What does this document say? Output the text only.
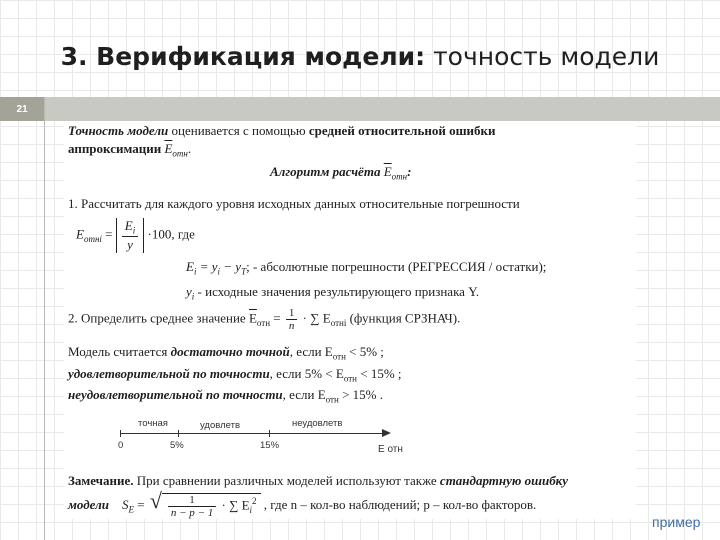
3. Верификация модели: точность модели
21
Точность модели оценивается с помощью средней относительной ошибки
аппроксимации $\overline{E}_{отн}$.
Алгоритм расчёта $\overline{E}_{отн}$:
1. Рассчитать для каждого уровня исходных данных относительные погрешности
$E_{отнi} = \frac{E_i}{y} \cdot 100$, где
$E_i = y_i - y_T$; - абсолютные погрешности (РЕГРЕССИЯ / остатки);
$y_i$ - исходные значения результирующего признака Y.
2. Определить среднее значение $\overline{E}_{отн} = \frac{1}{n}$ · ∑ $E_{отнi}$ (функция СРЗНАЧ).
Модель считается достаточно точной, если $E_{отн} < 5\%$ ;
удовлетворительной по точности, если $5\% < E_{отн} < 15\%$ ;
неудовлетворительной по точности, если $E_{отн} > 15\%$ .
точная	удовлетв	неудовлетв
0	5%	15%	E отн
Замечание. При сравнении различных моделей используют также стандартную ошибку
модели $S_E$ = √ $\frac{1}{n - p - 1}$ · ∑ $E_i^2$ , где n – кол-во наблюдений; p – кол-во факторов.
пример
